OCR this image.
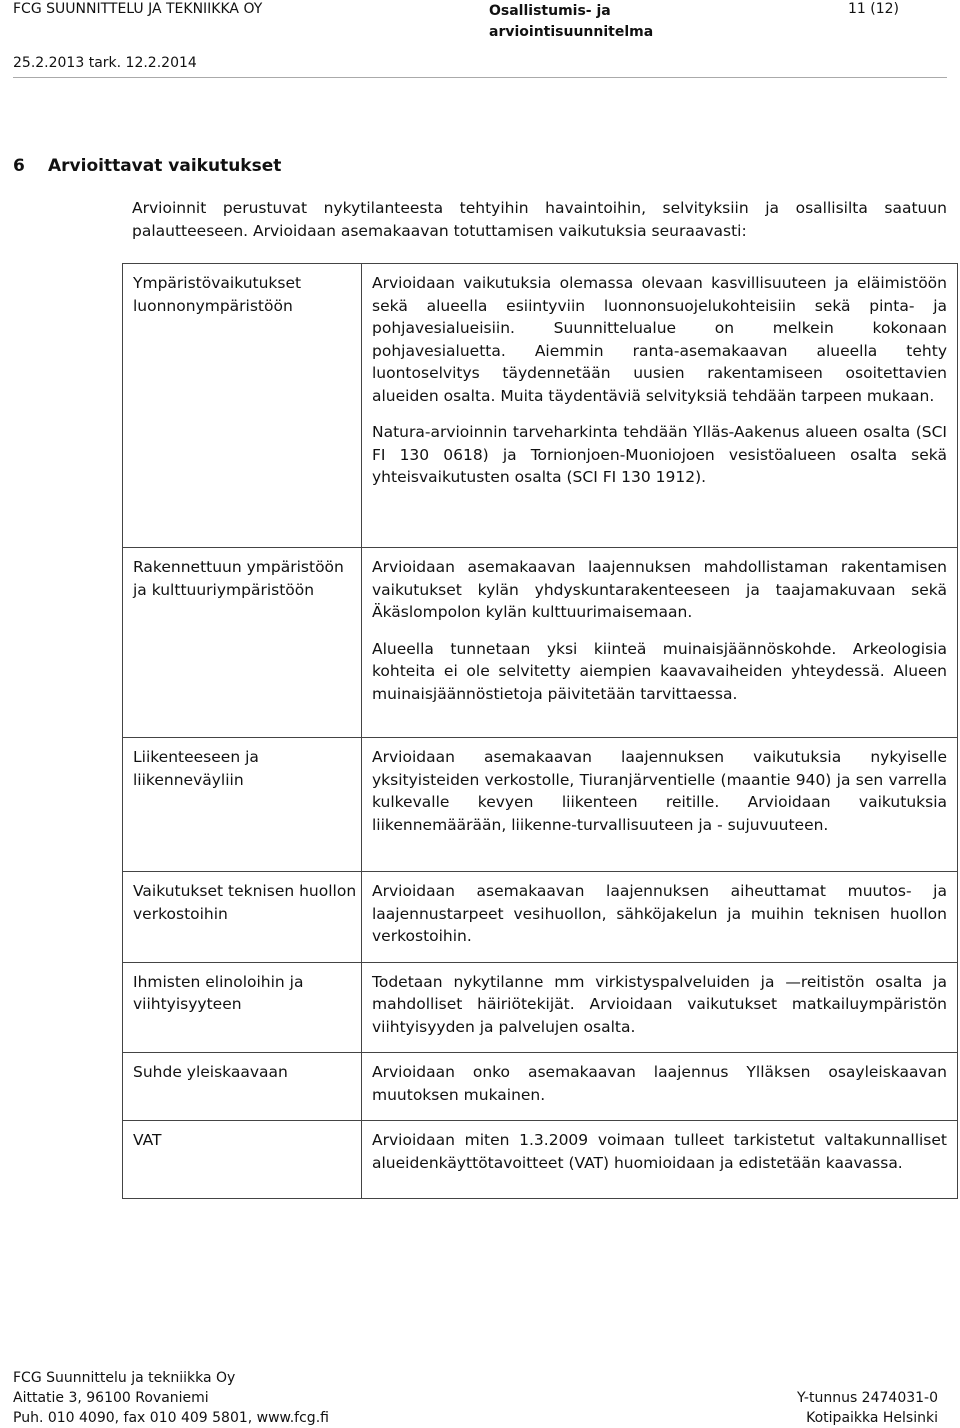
FCG SUUNNITTELU JA TEKNIIKKA OY	Osallistumis- ja arviointisuunnitelma
11 (12)
25.2.2013 tark. 12.2.2014
6 Arvioittavat vaikutukset
Arvioinnit perustuvat nykytilanteesta tehtyihin havaintoihin, selvityksiin ja osallisilta saatuun palautteeseen. Arvioidaan asemakaavan totuttamisen vaikutuksia seuraavasti:
Ympäristövaikutukset luonnonympäristöön	Arvioidaan vaikutuksia olemassa olevaan kasvillisuuteen ja eläimistöön sekä alueella esiintyviin luonnonsuojelukohteisiin sekä pinta- ja pohjavesialueisiin. Suunnittelualue on melkein kokonaan pohjavesialuetta. Aiemmin ranta-asemakaavan alueella tehty luontoselvitys täydennetään uusien rakentamiseen osoitettavien alueiden osalta. Muita täydentäviä selvityksiä tehdään tarpeen mukaan.

Natura-arvioinnin tarveharkinta tehdään Ylläs-Aakenus alueen osalta (SCI FI 130 0618) ja Tornionjoen-Muoniojoen vesistöalueen osalta sekä yhteisvaikutusten osalta (SCI FI 130 1912).

Rakennettuun ympäristöön ja kulttuuriympäristöön	Arvioidaan asemakaavan laajennuksen mahdollistaman rakentamisen vaikutukset kylän yhdyskuntarakenteeseen ja taajamakuvaan sekä Äkäslompolon kylän kulttuurimaisemaan.

Alueella tunnetaan yksi kiinteä muinaisjäännöskohde. Arkeologisia kohteita ei ole selvitetty aiempien kaavavaiheiden yhteydessä. Alueen muinaisjäännöstietoja päivitetään tarvittaessa.

Liikenteeseen ja liikenneväyliin	Arvioidaan asemakaavan laajennuksen vaikutuksia nykyiselle yksityisteiden verkostolle, Tiuranjärventielle (maantie 940) ja sen varrella kulkevalle kevyen liikenteen reitille. Arvioidaan vaikutuksia liikennemäärään, liikenne-turvallisuuteen ja - sujuvuuteen.

Vaikutukset teknisen huollon verkostoihin	Arvioidaan asemakaavan laajennuksen aiheuttamat muutos- ja laajennustarpeet vesihuollon, sähköjakelun ja muihin teknisen huollon verkostoihin.

Ihmisten elinoloihin ja viihtyisyyteen	Todetaan nykytilanne mm virkistyspalveluiden ja —reitistön osalta ja mahdolliset häiriötekijät. Arvioidaan vaikutukset matkailuympäristön viihtyisyyden ja palvelujen osalta.

Suhde yleiskaavaan	Arvioidaan onko asemakaavan laajennus Ylläksen osayleiskaavan muutoksen mukainen.

VAT	Arvioidaan miten 1.3.2009 voimaan tulleet tarkistetut valtakunnalliset alueidenkäyttötavoitteet (VAT) huomioidaan ja edistetään kaavassa.

FCG Suunnittelu ja tekniikka Oy
Aittatie 3, 96100 Rovaniemi
Puh. 010 4090, fax 010 409 5801, www.fcg.fi
Y-tunnus 2474031-0
Kotipaikka Helsinki
